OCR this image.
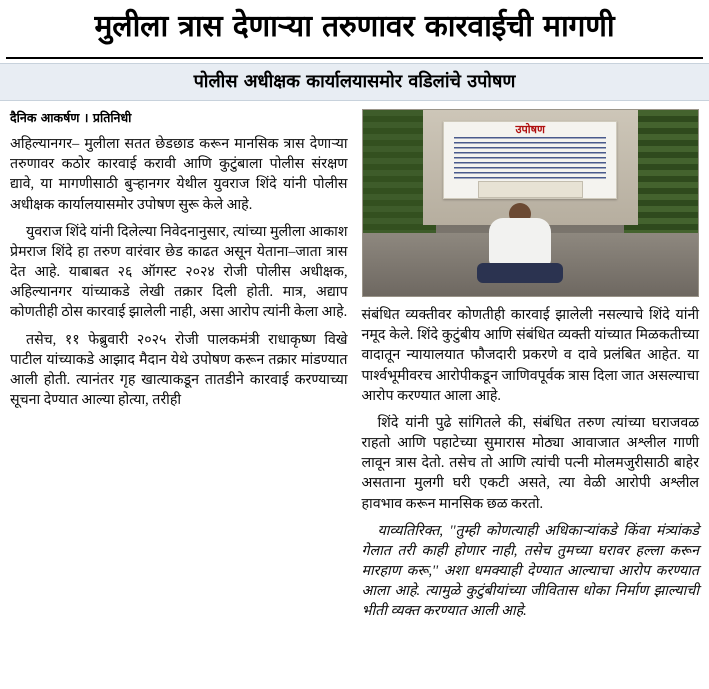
मुलीला त्रास देणाऱ्या तरुणावर कारवाईची मागणी
पोलीस अधीक्षक कार्यालयासमोर वडिलांचे उपोषण
दैनिक आकर्षण । प्रतिनिधी

अहिल्यानगर– मुलीला सतत छेडछाड करून मानसिक त्रास देणाऱ्या तरुणावर कठोर कारवाई करावी आणि कुटुंबाला पोलीस संरक्षण द्यावे, या मागणीसाठी बुऱ्हानगर येथील युवराज शिंदे यांनी पोलीस अधीक्षक कार्यालयासमोर उपोषण सुरू केले आहे.

युवराज शिंदे यांनी दिलेल्या निवेदनानुसार, त्यांच्या मुलीला आकाश प्रेमराज शिंदे हा तरुण वारंवार छेड काढत असून येताना–जाता त्रास देत आहे. याबाबत २६ ऑगस्ट २०२४ रोजी पोलीस अधीक्षक, अहिल्यानगर यांच्याकडे लेखी तक्रार दिली होती. मात्र, अद्याप कोणतीही ठोस कारवाई झालेली नाही, असा आरोप त्यांनी केला आहे.

तसेच, ११ फेब्रुवारी २०२५ रोजी पालकमंत्री राधाकृष्ण विखे पाटील यांच्याकडे आझाद मैदान येथे उपोषण करून तक्रार मांडण्यात आली होती. त्यानंतर गृह खात्याकडून तातडीने कारवाई करण्याच्या सूचना देण्यात आल्या होत्या, तरीही

उपोषण

संबंधित व्यक्तीवर कोणतीही कारवाई झालेली नसल्याचे शिंदे यांनी नमूद केले. शिंदे कुटुंबीय आणि संबंधित व्यक्ती यांच्यात मिळकतीच्या वादातून न्यायालयात फौजदारी प्रकरणे व दावे प्रलंबित आहेत. या पार्श्वभूमीवरच आरोपीकडून जाणिवपूर्वक त्रास दिला जात असल्याचा आरोप करण्यात आला आहे.

शिंदे यांनी पुढे सांगितले की, संबंधित तरुण त्यांच्या घराजवळ राहतो आणि पहाटेच्या सुमारास मोठ्या आवाजात अश्लील गाणी लावून त्रास देतो. तसेच तो आणि त्यांची पत्नी मोलमजुरीसाठी बाहेर असताना मुलगी घरी एकटी असते, त्या वेळी आरोपी अश्लील हावभाव करून मानसिक छळ करतो.

याव्यतिरिक्त, ''तुम्ही कोणत्याही अधिकाऱ्यांकडे किंवा मंत्र्यांकडे गेलात तरी काही होणार नाही, तसेच तुमच्या घरावर हल्ला करून मारहाण करू,'' अशा धमक्याही देण्यात आल्याचा आरोप करण्यात आला आहे. त्यामुळे कुटुंबीयांच्या जीवितास धोका निर्माण झाल्याची भीती व्यक्त करण्यात आली आहे.
